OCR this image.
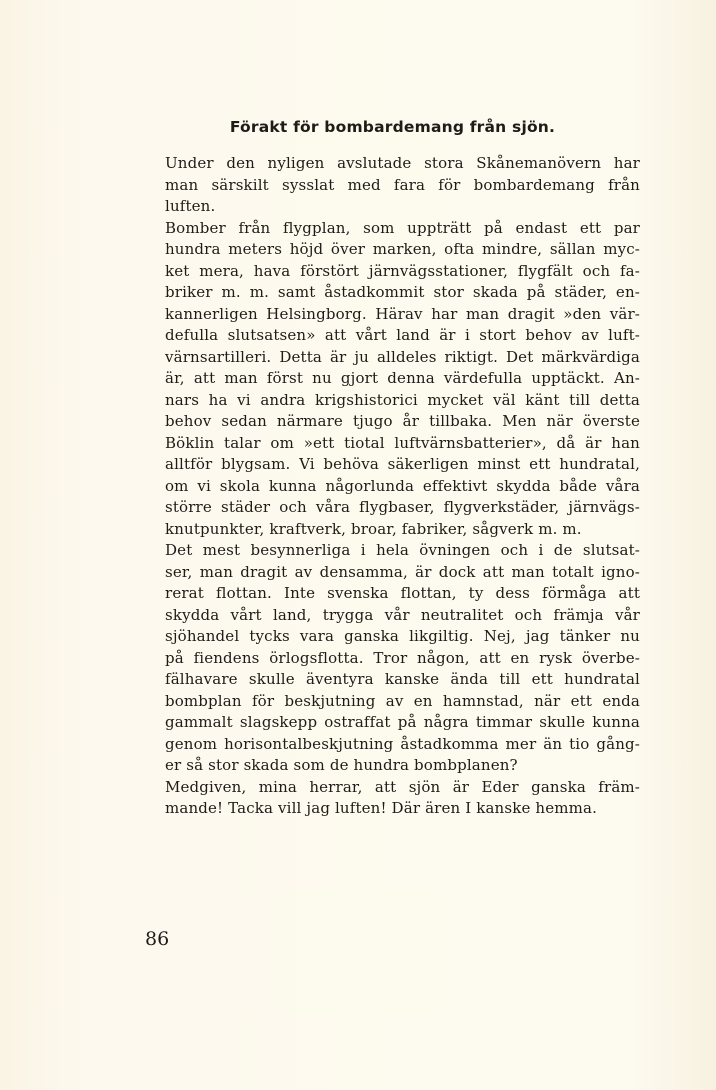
Förakt för bombardemang från sjön.

Under den nyligen avslutade stora Skånemanövern har
man särskilt sysslat med fara för bombardemang från
luften.

Bomber från flygplan, som uppträtt på endast ett par
hundra meters höjd över marken, ofta mindre, sällan myc-
ket mera, hava förstört järnvägsstationer, flygfält och fa-
briker m. m. samt åstadkommit stor skada på städer, en-
kannerligen Helsingborg. Härav har man dragit »den vär-
defulla slutsatsen» att vårt land är i stort behov av luft-
värnsartilleri. Detta är ju alldeles riktigt. Det märkvärdiga
är, att man först nu gjort denna värdefulla upptäckt. An-
nars ha vi andra krigshistorici mycket väl känt till detta
behov sedan närmare tjugo år tillbaka. Men när överste
Böklin talar om »ett tiotal luftvärnsbatterier», då är han
alltför blygsam. Vi behöva säkerligen minst ett hundratal,
om vi skola kunna någorlunda effektivt skydda både våra
större städer och våra flygbaser, flygverkstäder, järnvägs-
knutpunkter, kraftverk, broar, fabriker, sågverk m. m.

Det mest besynnerliga i hela övningen och i de slutsat-
ser, man dragit av densamma, är dock att man totalt igno-
rerat flottan. Inte svenska flottan, ty dess förmåga att
skydda vårt land, trygga vår neutralitet och främja vår
sjöhandel tycks vara ganska likgiltig. Nej, jag tänker nu
på fiendens örlogsflotta. Tror någon, att en rysk överbe-
fälhavare skulle äventyra kanske ända till ett hundratal
bombplan för beskjutning av en hamnstad, när ett enda
gammalt slagskepp ostraffat på några timmar skulle kunna
genom horisontalbeskjutning åstadkomma mer än tio gång-
er så stor skada som de hundra bombplanen?

Medgiven, mina herrar, att sjön är Eder ganska främ-
mande! Tacka vill jag luften! Där ären I kanske hemma.

86
